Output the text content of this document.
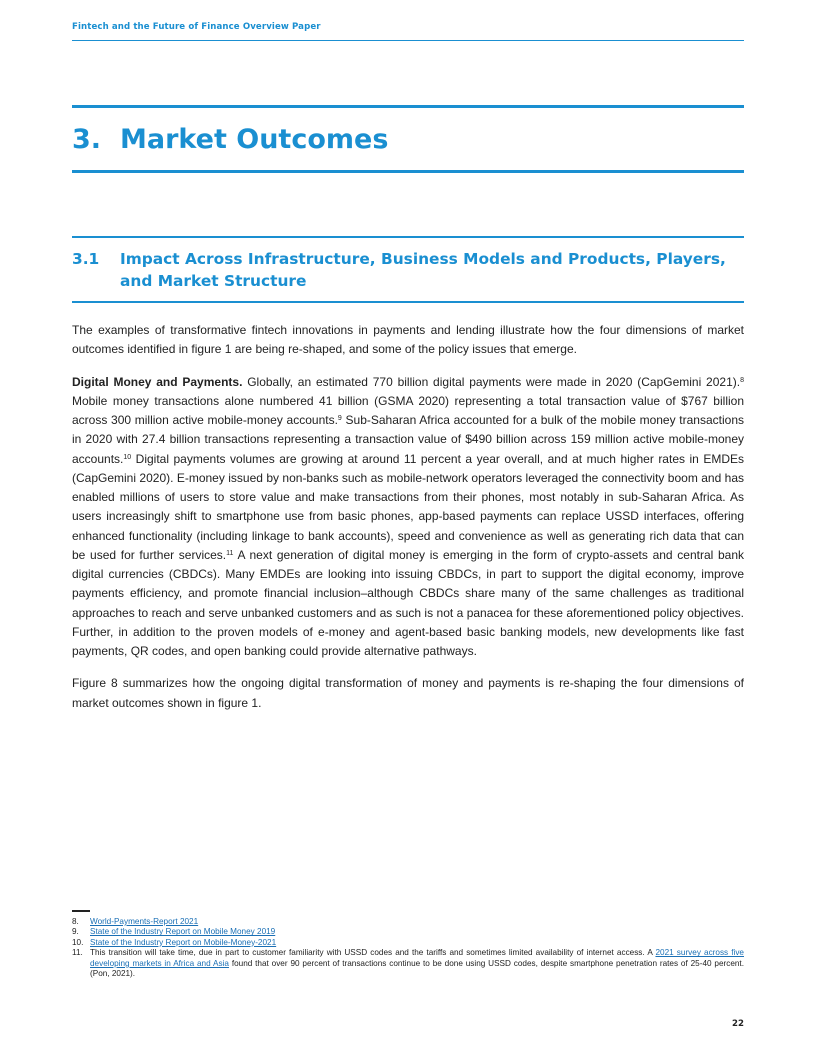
Fintech and the Future of Finance Overview Paper
3. Market Outcomes
3.1 Impact Across Infrastructure, Business Models and Products, Players, and Market Structure

The examples of transformative fintech innovations in payments and lending illustrate how the four dimensions of market outcomes identified in figure 1 are being re-shaped, and some of the policy issues that emerge.

Digital Money and Payments. Globally, an estimated 770 billion digital payments were made in 2020 (CapGemini 2021).$^8$ Mobile money transactions alone numbered 41 billion (GSMA 2020) representing a total transaction value of $767 billion across 300 million active mobile-money accounts.$^9$ Sub-Saharan Africa accounted for a bulk of the mobile money transactions in 2020 with 27.4 billion transactions representing a transaction value of $490 billion across 159 million active mobile-money accounts.$^{10}$ Digital payments volumes are growing at around 11 percent a year overall, and at much higher rates in EMDEs (CapGemini 2020). E-money issued by non-banks such as mobile-network operators leveraged the connectivity boom and has enabled millions of users to store value and make transactions from their phones, most notably in sub-Saharan Africa. As users increasingly shift to smartphone use from basic phones, app-based payments can replace USSD interfaces, offering enhanced functionality (including linkage to bank accounts), speed and convenience as well as generating rich data that can be used for further services.$^{11}$ A next generation of digital money is emerging in the form of crypto-assets and central bank digital currencies (CBDCs). Many EMDEs are looking into issuing CBDCs, in part to support the digital economy, improve payments efficiency, and promote financial inclusion–although CBDCs share many of the same challenges as traditional approaches to reach and serve unbanked customers and as such is not a panacea for these aforementioned policy objectives. Further, in addition to the proven models of e-money and agent-based basic banking models, new developments like fast payments, QR codes, and open banking could provide alternative pathways.

Figure 8 summarizes how the ongoing digital transformation of money and payments is re-shaping the four dimensions of market outcomes shown in figure 1.

8.	World-Payments-Report 2021
9.	State of the Industry Report on Mobile Money 2019
10. State of the Industry Report on Mobile-Money-2021
11. This transition will take time, due in part to customer familiarity with USSD codes and the tariffs and sometimes limited availability of internet access. A 2021 survey across five developing markets in Africa and Asia found that over 90 percent of transactions continue to be done using USSD codes, despite smartphone penetration rates of 25-40 percent. (Pon, 2021).
22
